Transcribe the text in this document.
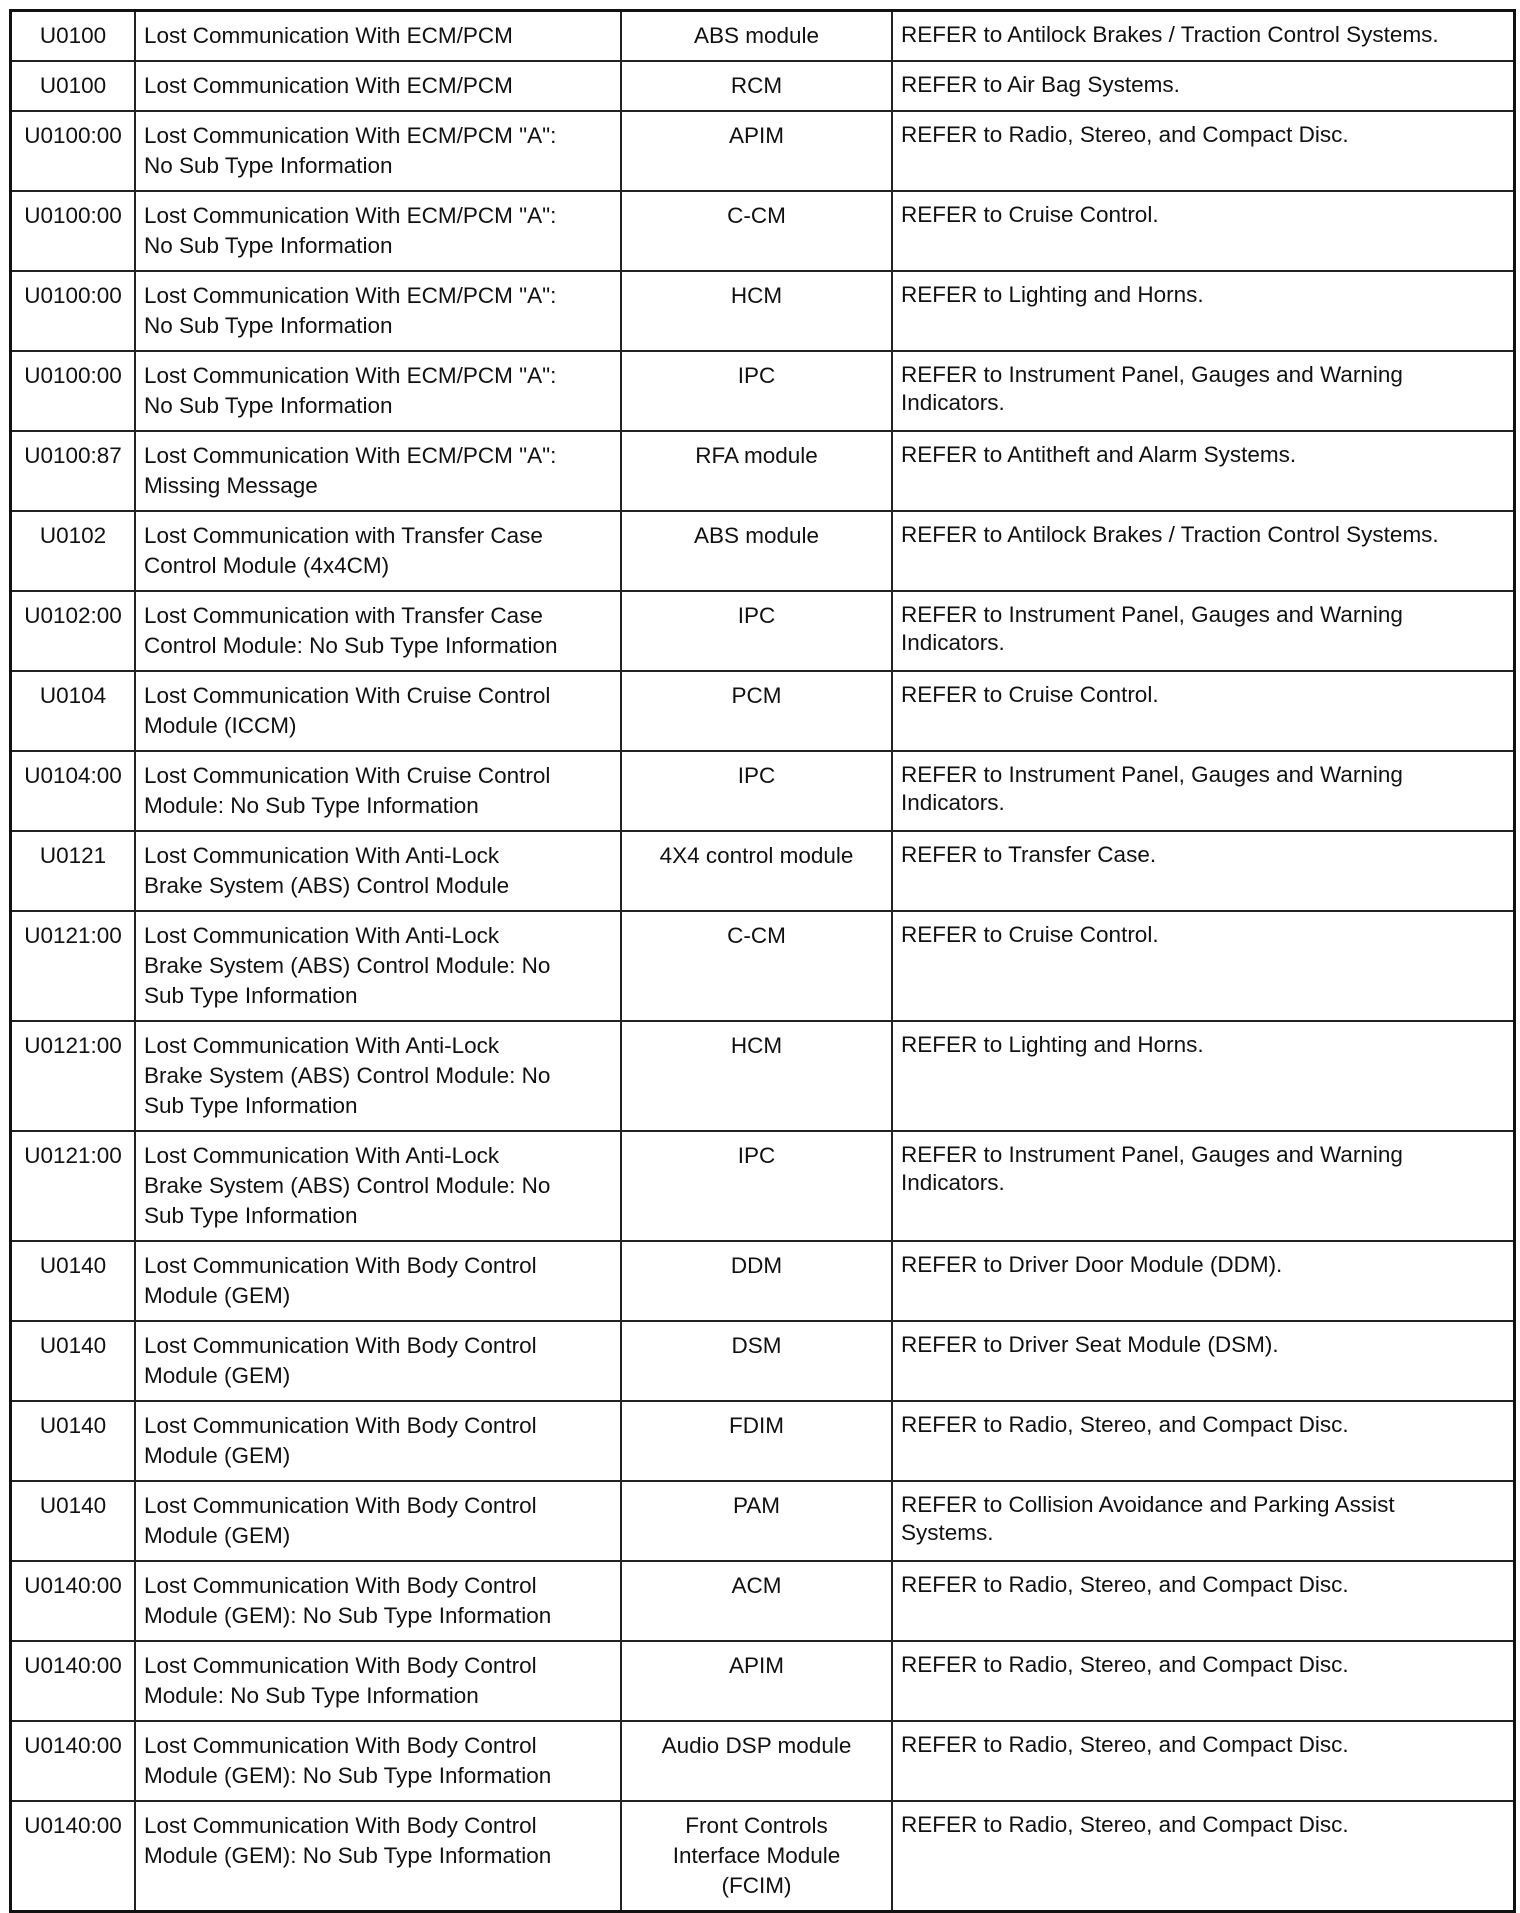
U0100	Lost Communication With ECM/PCM	ABS module	REFER to Antilock Brakes / Traction Control Systems.
U0100	Lost Communication With ECM/PCM	RCM	REFER to Air Bag Systems.
U0100:00	Lost Communication With ECM/PCM "A":
No Sub Type Information	APIM	REFER to Radio, Stereo, and Compact Disc.
U0100:00	Lost Communication With ECM/PCM "A":
No Sub Type Information	C-CM	REFER to Cruise Control.
U0100:00	Lost Communication With ECM/PCM "A":
No Sub Type Information	HCM	REFER to Lighting and Horns.
U0100:00	Lost Communication With ECM/PCM "A":
No Sub Type Information	IPC	REFER to Instrument Panel, Gauges and Warning
Indicators.
U0100:87	Lost Communication With ECM/PCM "A":
Missing Message	RFA module	REFER to Antitheft and Alarm Systems.
U0102	Lost Communication with Transfer Case
Control Module (4x4CM)	ABS module	REFER to Antilock Brakes / Traction Control Systems.
U0102:00	Lost Communication with Transfer Case
Control Module: No Sub Type Information	IPC	REFER to Instrument Panel, Gauges and Warning
Indicators.
U0104	Lost Communication With Cruise Control
Module (ICCM)	PCM	REFER to Cruise Control.
U0104:00	Lost Communication With Cruise Control
Module: No Sub Type Information	IPC	REFER to Instrument Panel, Gauges and Warning
Indicators.
U0121	Lost Communication With Anti-Lock
Brake System (ABS) Control Module	4X4 control module	REFER to Transfer Case.
U0121:00	Lost Communication With Anti-Lock
Brake System (ABS) Control Module: No
Sub Type Information	C-CM	REFER to Cruise Control.
U0121:00	Lost Communication With Anti-Lock
Brake System (ABS) Control Module: No
Sub Type Information	HCM	REFER to Lighting and Horns.
U0121:00	Lost Communication With Anti-Lock
Brake System (ABS) Control Module: No
Sub Type Information	IPC	REFER to Instrument Panel, Gauges and Warning
Indicators.
U0140	Lost Communication With Body Control
Module (GEM)	DDM	REFER to Driver Door Module (DDM).
U0140	Lost Communication With Body Control
Module (GEM)	DSM	REFER to Driver Seat Module (DSM).
U0140	Lost Communication With Body Control
Module (GEM)	FDIM	REFER to Radio, Stereo, and Compact Disc.
U0140	Lost Communication With Body Control
Module (GEM)	PAM	REFER to Collision Avoidance and Parking Assist
Systems.
U0140:00	Lost Communication With Body Control
Module (GEM): No Sub Type Information	ACM	REFER to Radio, Stereo, and Compact Disc.
U0140:00	Lost Communication With Body Control
Module: No Sub Type Information	APIM	REFER to Radio, Stereo, and Compact Disc.
U0140:00	Lost Communication With Body Control
Module (GEM): No Sub Type Information	Audio DSP module	REFER to Radio, Stereo, and Compact Disc.
U0140:00	Lost Communication With Body Control
Module (GEM): No Sub Type Information	Front Controls
Interface Module
(FCIM)	REFER to Radio, Stereo, and Compact Disc.
